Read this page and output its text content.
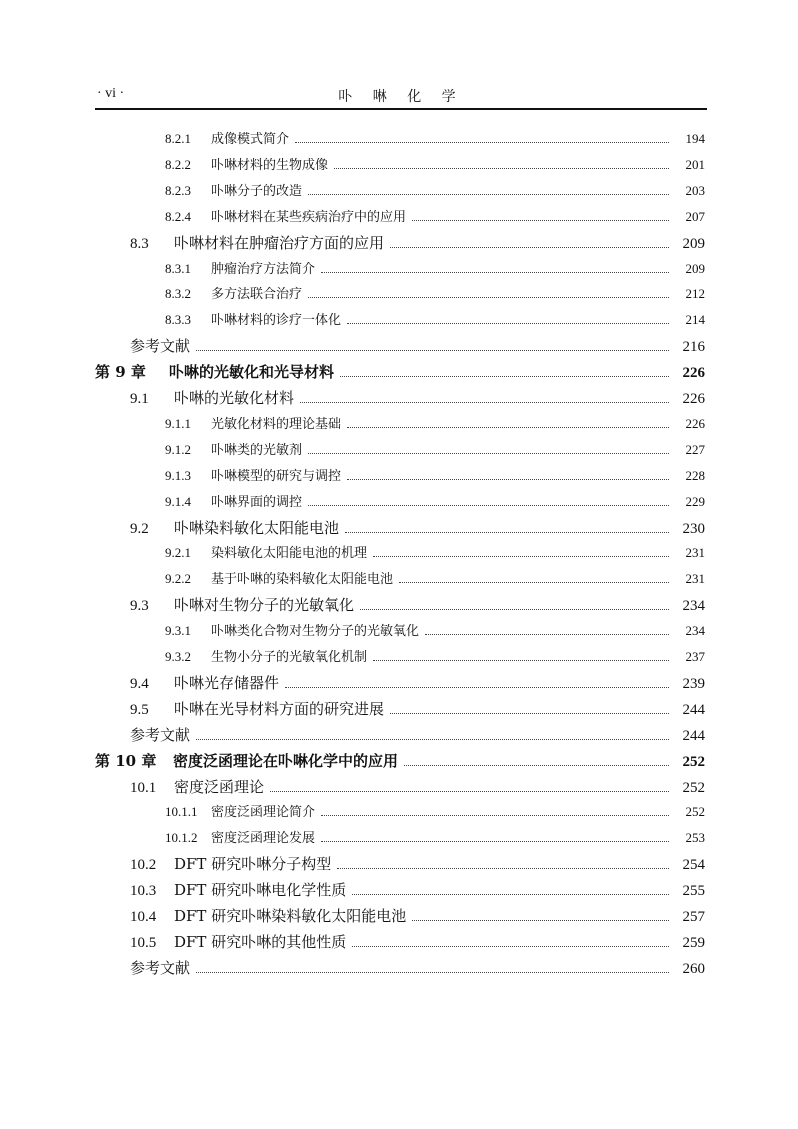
· vi ·	卟 啉 化 学
8.2.1	成像模式简介	194
8.2.2	卟啉材料的生物成像	201
8.2.3	卟啉分子的改造	203
8.2.4	卟啉材料在某些疾病治疗中的应用	207
8.3	卟啉材料在肿瘤治疗方面的应用	209
8.3.1	肿瘤治疗方法简介	209
8.3.2	多方法联合治疗	212
8.3.3	卟啉材料的诊疗一体化	214
参考文献	216
第 9 章	卟啉的光敏化和光导材料	226
9.1	卟啉的光敏化材料	226
9.1.1	光敏化材料的理论基础	226
9.1.2	卟啉类的光敏剂	227
9.1.3	卟啉模型的研究与调控	228
9.1.4	卟啉界面的调控	229
9.2	卟啉染料敏化太阳能电池	230
9.2.1	染料敏化太阳能电池的机理	231
9.2.2	基于卟啉的染料敏化太阳能电池	231
9.3	卟啉对生物分子的光敏氧化	234
9.3.1	卟啉类化合物对生物分子的光敏氧化	234
9.3.2	生物小分子的光敏氧化机制	237
9.4	卟啉光存储器件	239
9.5	卟啉在光导材料方面的研究进展	244
参考文献	244
第 10 章	密度泛函理论在卟啉化学中的应用	252
10.1	密度泛函理论	252
10.1.1	密度泛函理论简介	252
10.1.2	密度泛函理论发展	253
10.2	DFT 研究卟啉分子构型	254
10.3	DFT 研究卟啉电化学性质	255
10.4	DFT 研究卟啉染料敏化太阳能电池	257
10.5	DFT 研究卟啉的其他性质	259
参考文献	260
